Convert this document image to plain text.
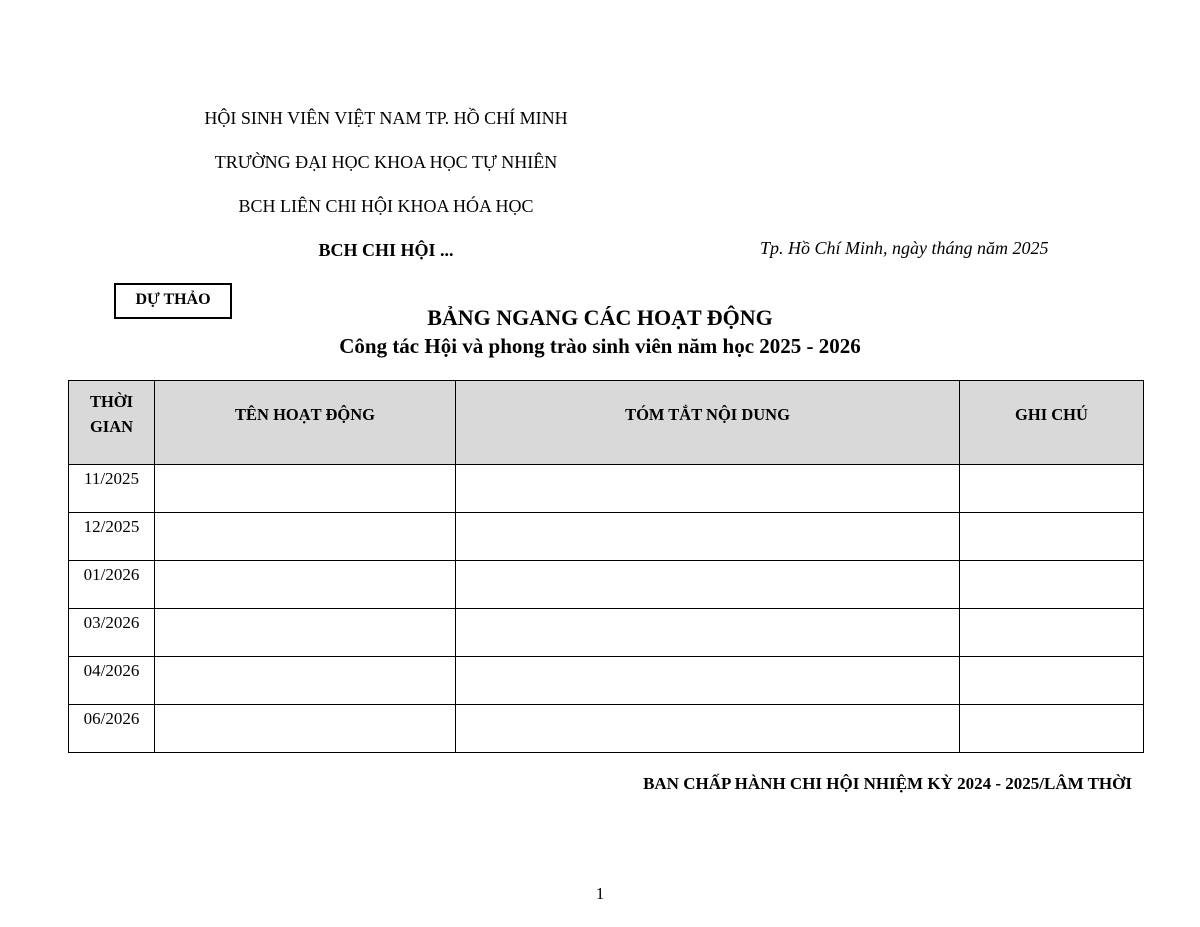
HỘI SINH VIÊN VIỆT NAM TP. HỒ CHÍ MINH
TRƯỜNG ĐẠI HỌC KHOA HỌC TỰ NHIÊN
BCH LIÊN CHI HỘI KHOA HÓA HỌC
BCH CHI HỘI ...	Tp. Hồ Chí Minh, ngày tháng năm 2025
DỰ THẢO
BẢNG NGANG CÁC HOẠT ĐỘNG
Công tác Hội và phong trào sinh viên năm học 2025 - 2026
THỜI
GIAN	TÊN HOẠT ĐỘNG	TÓM TẮT NỘI DUNG	GHI CHÚ
11/2025			
12/2025			
01/2026			
03/2026			
04/2026			
06/2026			
BAN CHẤP HÀNH CHI HỘI NHIỆM KỲ 2024 - 2025/LÂM THỜI
1
